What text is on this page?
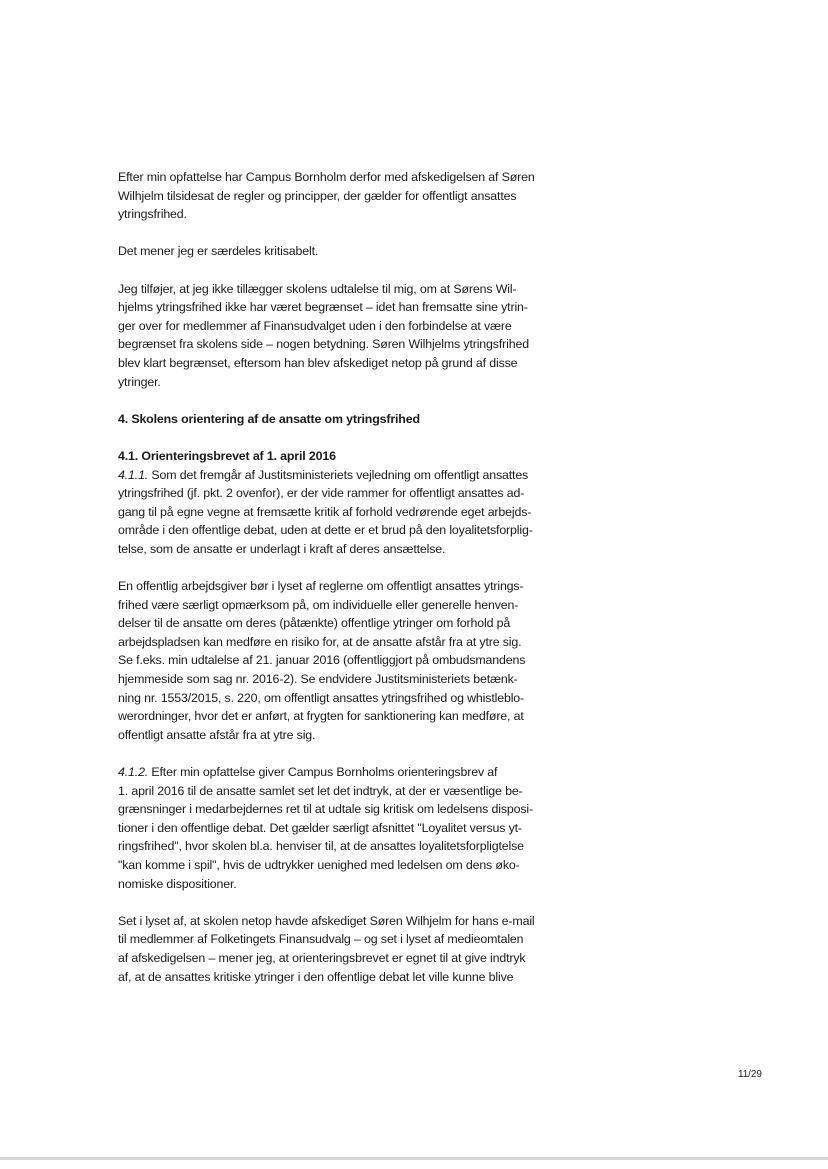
Efter min opfattelse har Campus Bornholm derfor med afskedigelsen af Søren
Wilhjelm tilsidesat de regler og principper, der gælder for offentligt ansattes
ytringsfrihed.
Det mener jeg er særdeles kritisabelt.
Jeg tilføjer, at jeg ikke tillægger skolens udtalelse til mig, om at Sørens Wil-
hjelms ytringsfrihed ikke har været begrænset – idet han fremsatte sine ytrin-
ger over for medlemmer af Finansudvalget uden i den forbindelse at være
begrænset fra skolens side – nogen betydning. Søren Wilhjelms ytringsfrihed
blev klart begrænset, eftersom han blev afskediget netop på grund af disse
ytringer.
4. Skolens orientering af de ansatte om ytringsfrihed
4.1. Orienteringsbrevet af 1. april 2016
4.1.1. Som det fremgår af Justitsministeriets vejledning om offentligt ansattes
ytringsfrihed (jf. pkt. 2 ovenfor), er der vide rammer for offentligt ansattes ad-
gang til på egne vegne at fremsætte kritik af forhold vedrørende eget arbejds-
område i den offentlige debat, uden at dette er et brud på den loyalitetsforplig-
telse, som de ansatte er underlagt i kraft af deres ansættelse.
En offentlig arbejdsgiver bør i lyset af reglerne om offentligt ansattes ytrings-
frihed være særligt opmærksom på, om individuelle eller generelle henven-
delser til de ansatte om deres (påtænkte) offentlige ytringer om forhold på
arbejdspladsen kan medføre en risiko for, at de ansatte afstår fra at ytre sig.
Se f.eks. min udtalelse af 21. januar 2016 (offentliggjort på ombudsmandens
hjemmeside som sag nr. 2016-2). Se endvidere Justitsministeriets betænk-
ning nr. 1553/2015, s. 220, om offentligt ansattes ytringsfrihed og whistleblo-
werordninger, hvor det er anført, at frygten for sanktionering kan medføre, at
offentligt ansatte afstår fra at ytre sig.
4.1.2. Efter min opfattelse giver Campus Bornholms orienteringsbrev af
1. april 2016 til de ansatte samlet set let det indtryk, at der er væsentlige be-
grænsninger i medarbejdernes ret til at udtale sig kritisk om ledelsens disposi-
tioner i den offentlige debat. Det gælder særligt afsnittet "Loyalitet versus yt-
ringsfrihed", hvor skolen bl.a. henviser til, at de ansattes loyalitetsforpligtelse
"kan komme i spil", hvis de udtrykker uenighed med ledelsen om dens øko-
nomiske dispositioner.
Set i lyset af, at skolen netop havde afskediget Søren Wilhjelm for hans e-mail
til medlemmer af Folketingets Finansudvalg – og set i lyset af medieomtalen
af afskedigelsen – mener jeg, at orienteringsbrevet er egnet til at give indtryk
af, at de ansattes kritiske ytringer i den offentlige debat let ville kunne blive
11/29
